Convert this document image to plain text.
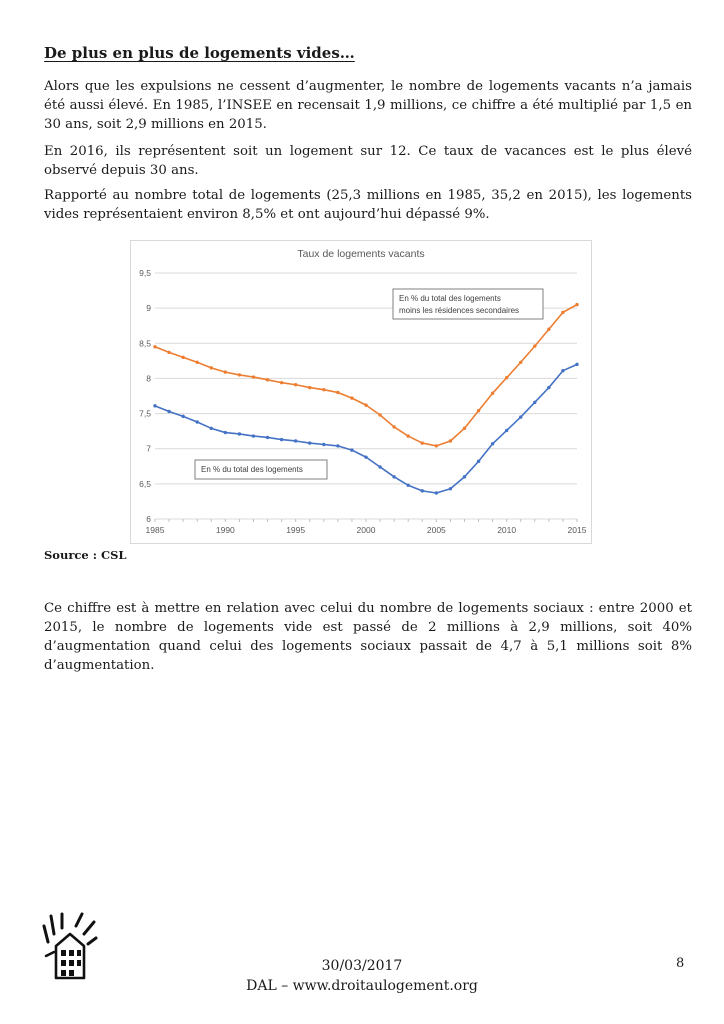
De plus en plus de logements vides…
Alors que les expulsions ne cessent d’augmenter, le nombre de logements vacants n’a jamais été aussi élevé. En 1985, l’INSEE en recensait 1,9 millions, ce chiffre a été multiplié par 1,5 en 30 ans, soit 2,9 millions en 2015.
En 2016, ils représentent soit un logement sur 12. Ce taux de vacances est le plus élevé observé depuis 30 ans.
Rapporté au nombre total de logements (25,3 millions en 1985, 35,2 en 2015), les logements vides représentaient environ 8,5% et ont aujourd’hui dépassé 9%.
Taux de logements vacants
6
6,5
7
7,5
8
8,5
9
9,5
1985	1990	1995	2000	2005	2010	2015
En % du total des logements
moins les résidences secondaires
En % du total des logements
Source : CSL
Ce chiffre est à mettre en relation avec celui du nombre de logements sociaux : entre 2000 et 2015, le nombre de logements vide est passé de 2 millions à 2,9 millions, soit 40% d’augmentation quand celui des logements sociaux passait de 4,7 à 5,1 millions soit 8% d’augmentation.
30/03/2017
DAL – www.droitaulogement.org
8
